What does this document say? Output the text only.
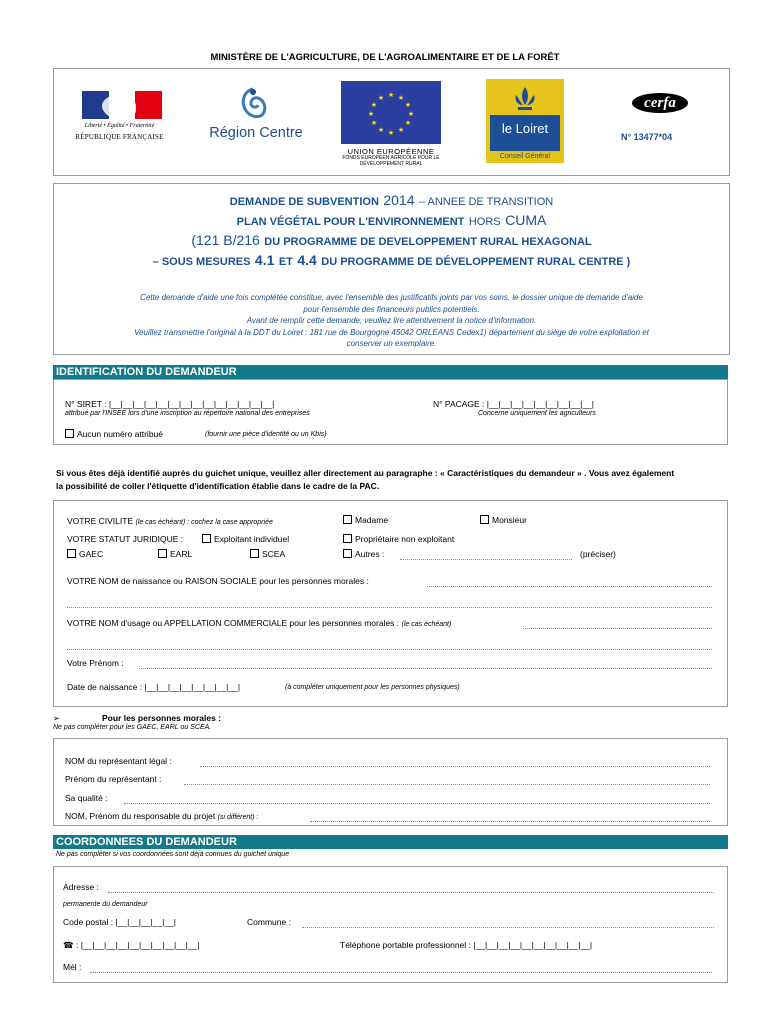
MINISTÈRE DE L'AGRICULTURE, DE L'AGROALIMENTAIRE ET DE LA FORÊT
Liberté • Égalité • Fraternité
RÉPUBLIQUE FRANÇAISE	Région Centre
★ ★
★
★
★
★
★
★
★
★
★
★
UNION EUROPÉENNE
FONDS EUROPÉEN AGRICOLE POUR LE DÉVELOPPEMENT RURAL
le Loiret
Conseil Général
cerfa
N° 13477*04
DEMANDE DE SUBVENTION 2014 – ANNEE DE TRANSITION
PLAN VÉGÉTAL POUR L'ENVIRONNEMENT HORS CUMA
(121 B/216 DU PROGRAMME DE DEVELOPPEMENT RURAL HEXAGONAL
– SOUS MESURES 4.1 ET 4.4 DU PROGRAMME DE DÉVELOPPEMENT RURAL CENTRE )
Cette demande d'aide une fois complétée constitue, avec l'ensemble des justificatifs joints par vos soins, le dossier unique de demande d'aide
pour l'ensemble des financeurs publics potentiels.
Avant de remplir cette demande, veuillez lire attentivement la notice d'information.
Veuillez transmettre l'original à la DDT du Loiret : 181 rue de Bourgogne 45042 ORLEANS Cedex1) département du siège de votre exploitation et
conserver un exemplaire.
IDENTIFICATION DU DEMANDEUR
N° SIRET : |__|__|__|__|__|__|__|__|__|__|__|__|__|__|
attribué par l'INSEE lors d'une inscription au répertoire national des entreprises
N° PACAGE : |__|__|__|__|__|__|__|__|__|
Concerne uniquement les agriculteurs
Aucun numéro attribué	(fournir une pièce d'identité ou un Kbis)
Si vous êtes déjà identifié auprès du guichet unique, veuillez aller directement au paragraphe : « Caractéristiques du demandeur » . Vous avez également la possibilité de coller l'étiquette d'identification établie dans le cadre de la PAC.
VOTRE CIVILITE (le cas échéant) : cochez la case appropriée	Madame	Monsieur
VOTRE STATUT JURIDIQUE :	Exploitant individuel	Propriétaire non exploitant
GAEC	EARL	SCEA	Autres :	(préciser)
VOTRE NOM de naissance ou RAISON SOCIALE pour les personnes morales :
VOTRE NOM d'usage ou APPELLATION COMMERCIALE pour les personnes morales : (le cas échéant)
Votre Prénom :
Date de naissance : |__|__|__|__|__|__|__|__|	(à compléter uniquement pour les personnes physiques)
➢	Pour les personnes morales :
Ne pas compléter pour les GAEC, EARL ou SCEA.
NOM du représentant légal :
Prénom du représentant :
Sa qualité :
NOM, Prénom du responsable du projet (si différent) :
COORDONNEES DU DEMANDEUR
Ne pas compléter si vos coordonnées sont déjà connues du guichet unique
Adresse :
permanente du demandeur
Code postal : |__|__|__|__|__|	Commune :
☎ : |__|__|__|__|__|__|__|__|__|__|	Téléphone portable professionnel : |__|__|__|__|__|__|__|__|__|__|
Mél :
